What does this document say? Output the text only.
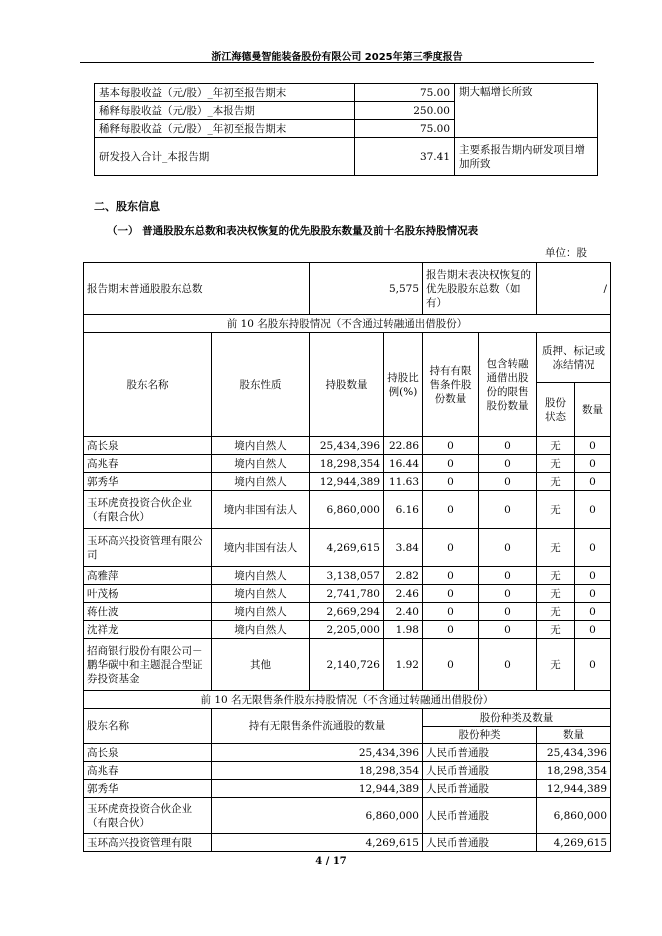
浙江海德曼智能装备股份有限公司 2025年第三季度报告
基本每股收益（元/股）_年初至报告期末	75.00	期大幅增长所致
稀释每股收益（元/股）_本报告期	250.00	
稀释每股收益（元/股）_年初至报告期末	75.00	
研发投入合计_本报告期	37.41	主要系报告期内研发项目增加所致
二、股东信息
（一） 普通股股东总数和表决权恢复的优先股股东数量及前十名股东持股情况表
单位：股
报告期末普通股股东总数		5,575		报告期末表决权恢复的优先股股东总数（如有）		/	
前 10 名股东持股情况（不含通过转融通出借股份）							
股东名称	股东性质	持股数量	持股比例(%)	持有有限售条件股份数量	包含转融通借出股份的限售股份数量	质押、标记或冻结情况	
						股份状态	数量
高长泉	境内自然人	25,434,396	22.86	0	0	无	0
高兆春	境内自然人	18,298,354	16.44	0	0	无	0
郭秀华	境内自然人	12,944,389	11.63	0	0	无	0
玉环虎贲投资合伙企业（有限合伙）	境内非国有法人	6,860,000	6.16	0	0	无	0
玉环高兴投资管理有限公司	境内非国有法人	4,269,615	3.84	0	0	无	0
高雅萍	境内自然人	3,138,057	2.82	0	0	无	0
叶茂杨	境内自然人	2,741,780	2.46	0	0	无	0
蒋仕波	境内自然人	2,669,294	2.40	0	0	无	0
沈祥龙	境内自然人	2,205,000	1.98	0	0	无	0
招商银行股份有限公司－鹏华碳中和主题混合型证券投资基金	其他	2,140,726	1.92	0	0	无	0
前 10 名无限售条件股东持股情况（不含通过转融通出借股份）							
股东名称	持有无限售条件流通股的数量			股份种类及数量			
				股份种类		数量	
高长泉	25,434,396			人民币普通股		25,434,396	
高兆春	18,298,354			人民币普通股		18,298,354	
郭秀华	12,944,389			人民币普通股		12,944,389	
玉环虎贲投资合伙企业（有限合伙）	6,860,000			人民币普通股		6,860,000	
玉环高兴投资管理有限	4,269,615			人民币普通股		4,269,615	
4 / 17
